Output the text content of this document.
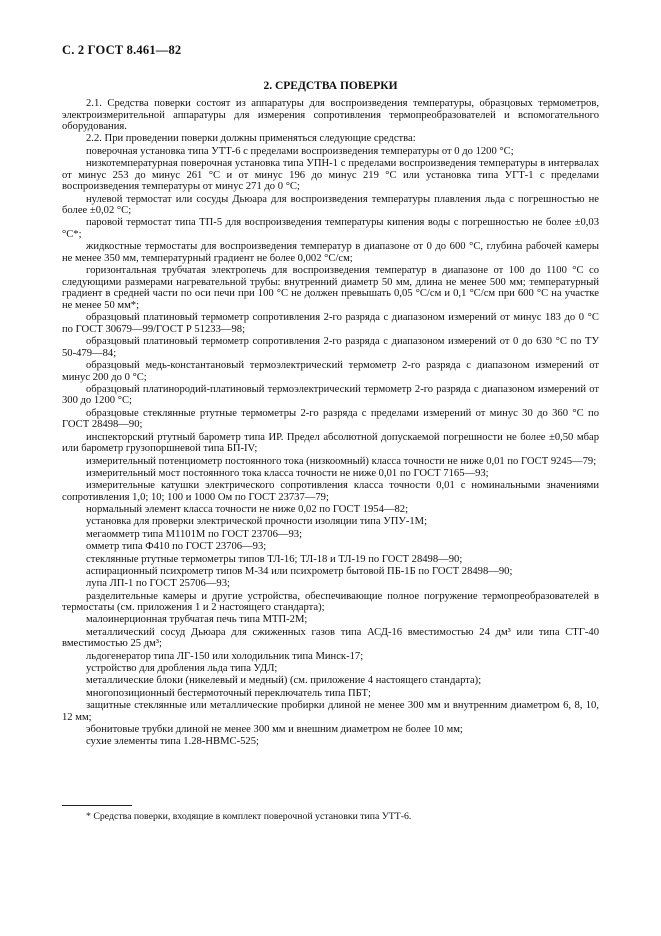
С. 2 ГОСТ 8.461—82
2. СРЕДСТВА ПОВЕРКИ

2.1. Средства поверки состоят из аппаратуры для воспроизведения температуры, образцовых термометров, электроизмерительной аппаратуры для измерения сопротивления термопреобразователей и вспомогательного оборудования.

2.2. При проведении поверки должны применяться следующие средства:

поверочная установка типа УТТ-6 с пределами воспроизведения температуры от 0 до 1200 °С;

низкотемпературная поверочная установка типа УПН-1 с пределами воспроизведения температуры в интервалах от минус 253 до минус 261 °С и от минус 196 до минус 219 °С или установка типа УГТ-1 с пределами воспроизведения температуры от минус 271 до 0 °С;

нулевой термостат или сосуды Дьюара для воспроизведения температуры плавления льда с погрешностью не более ±0,02 °С;

паровой термостат типа ТП-5 для воспроизведения температуры кипения воды с погрешностью не более ±0,03 °С*;

жидкостные термостаты для воспроизведения температур в диапазоне от 0 до 600 °С, глубина рабочей камеры не менее 350 мм, температурный градиент не более 0,002 °С/см;

горизонтальная трубчатая электропечь для воспроизведения температур в диапазоне от 100 до 1100 °С со следующими размерами нагревательной трубы: внутренний диаметр 50 мм, длина не менее 500 мм; температурный градиент в средней части по оси печи при 100 °С не должен превышать 0,05 °С/см и 0,1 °С/см при 600 °С на участке не менее 50 мм*;

образцовый платиновый термометр сопротивления 2-го разряда с диапазоном измерений от минус 183 до 0 °С по ГОСТ 30679—99/ГОСТ Р 51233—98;

образцовый платиновый термометр сопротивления 2-го разряда с диапазоном измерений от 0 до 630 °С по ТУ 50-479—84;

образцовый медь-константановый термоэлектрический термометр 2-го разряда с диапазоном измерений от минус 200 до 0 °С;

образцовый платинородий-платиновый термоэлектрический термометр 2-го разряда с диапазоном измерений от 300 до 1200 °С;

образцовые стеклянные ртутные термометры 2-го разряда с пределами измерений от минус 30 до 360 °С по ГОСТ 28498—90;

инспекторский ртутный барометр типа ИР. Предел абсолютной допускаемой погрешности не более ±0,50 мбар или барометр грузопоршневой типа БП-IV;

измерительный потенциометр постоянного тока (низкоомный) класса точности не ниже 0,01 по ГОСТ 9245—79;

измерительный мост постоянного тока класса точности не ниже 0,01 по ГОСТ 7165—93;

измерительные катушки электрического сопротивления класса точности 0,01 с номинальными значениями сопротивления 1,0; 10; 100 и 1000 Ом по ГОСТ 23737—79;

нормальный элемент класса точности не ниже 0,02 по ГОСТ 1954—82;

установка для проверки электрической прочности изоляции типа УПУ-1М;

мегаомметр типа М1101М по ГОСТ 23706—93;

омметр типа Ф410 по ГОСТ 23706—93;

стеклянные ртутные термометры типов ТЛ-16; ТЛ-18 и ТЛ-19 по ГОСТ 28498—90;

аспирационный психрометр типов М-34 или психрометр бытовой ПБ-1Б по ГОСТ 28498—90;

лупа ЛП-1 по ГОСТ 25706—93;

разделительные камеры и другие устройства, обеспечивающие полное погружение термопреобразователей в термостаты (см. приложения 1 и 2 настоящего стандарта);

малоинерционная трубчатая печь типа МТП-2М;

металлический сосуд Дьюара для сжиженных газов типа АСД-16 вместимостью 24 дм³ или типа СТГ-40 вместимостью 25 дм³;

льдогенератор типа ЛГ-150 или холодильник типа Минск-17;

устройство для дробления льда типа УДЛ;

металлические блоки (никелевый и медный) (см. приложение 4 настоящего стандарта);

многопозиционный бестермоточный переключатель типа ПБТ;

защитные стеклянные или металлические пробирки длиной не менее 300 мм и внутренним диаметром 6, 8, 10, 12 мм;

эбонитовые трубки длиной не менее 300 мм и внешним диаметром не более 10 мм;

сухие элементы типа 1.28-НВМС-525;

* Средства поверки, входящие в комплект поверочной установки типа УТТ-6.
